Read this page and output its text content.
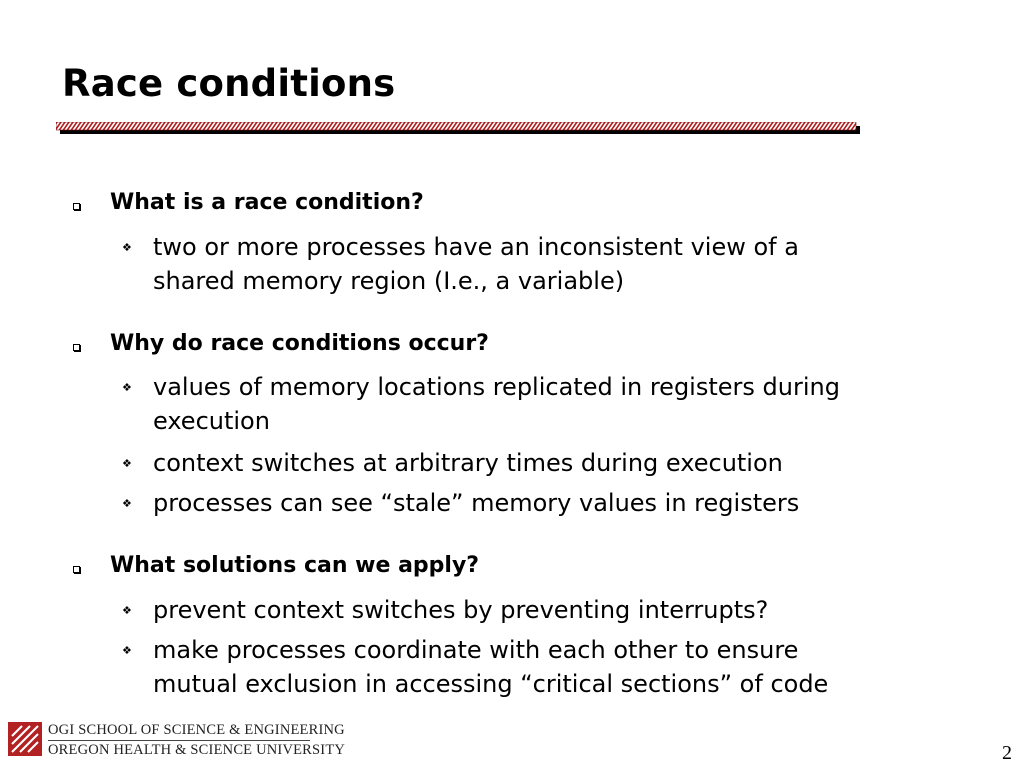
Race conditions
What is a race condition?
❖ two or more processes have an inconsistent view of a
shared memory region (I.e., a variable)
Why do race conditions occur?
❖ values of memory locations replicated in registers during
execution
❖ context switches at arbitrary times during execution
❖ processes can see “stale” memory values in registers
What solutions can we apply?
❖ prevent context switches by preventing interrupts?
❖ make processes coordinate with each other to ensure
mutual exclusion in accessing “critical sections” of code
OGI SCHOOL OF SCIENCE & ENGINEERING
OREGON HEALTH & SCIENCE UNIVERSITY	2
